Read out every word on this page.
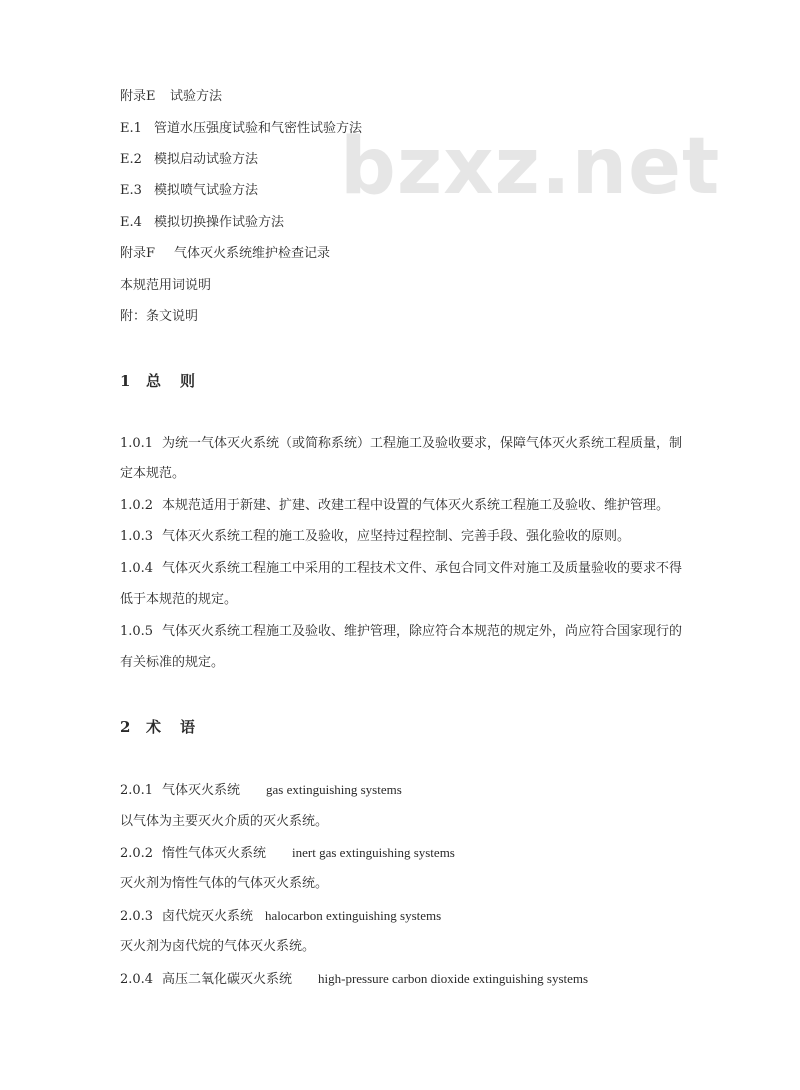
bzxz.net
附录E 试验方法
E.1 管道水压强度试验和气密性试验方法
E.2 模拟启动试验方法
E.3 模拟喷气试验方法
E.4 模拟切换操作试验方法
附录F 气体灭火系统维护检查记录
本规范用词说明
附：条文说明
1 总　则
1.0.1 为统一气体灭火系统（或简称系统）工程施工及验收要求，保障气体灭火系统工程质量，制
定本规范。
1.0.2 本规范适用于新建、扩建、改建工程中设置的气体灭火系统工程施工及验收、维护管理。
1.0.3 气体灭火系统工程的施工及验收，应坚持过程控制、完善手段、强化验收的原则。
1.0.4 气体灭火系统工程施工中采用的工程技术文件、承包合同文件对施工及质量验收的要求不得
低于本规范的规定。
1.0.5 气体灭火系统工程施工及验收、维护管理，除应符合本规范的规定外，尚应符合国家现行的
有关标准的规定。
2 术　语
2.0.1 气体灭火系统 gas extinguishing systems
以气体为主要灭火介质的灭火系统。
2.0.2 惰性气体灭火系统 inert gas extinguishing systems
灭火剂为惰性气体的气体灭火系统。
2.0.3 卤代烷灭火系统 halocarbon extinguishing systems
灭火剂为卤代烷的气体灭火系统。
2.0.4 高压二氧化碳灭火系统 high-pressure carbon dioxide extinguishing systems
